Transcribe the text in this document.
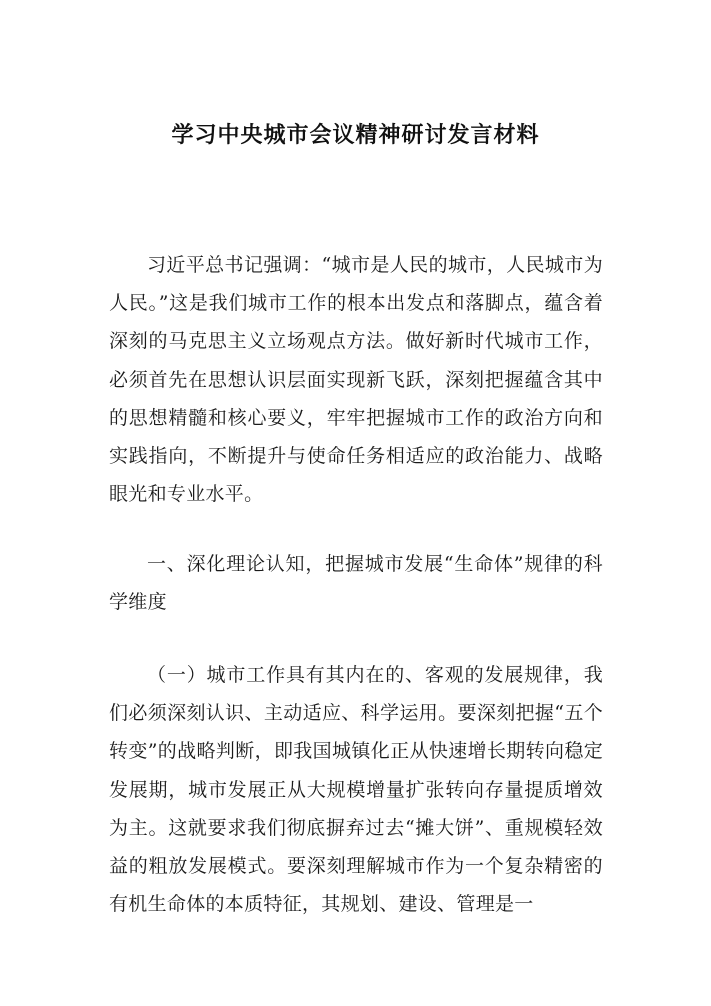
学习中央城市会议精神研讨发言材料

习近平总书记强调：“城市是人民的城市，人民城市为人民。”这是我们城市工作的根本出发点和落脚点，蕴含着深刻的马克思主义立场观点方法。做好新时代城市工作，必须首先在思想认识层面实现新飞跃，深刻把握蕴含其中的思想精髓和核心要义，牢牢把握城市工作的政治方向和实践指向，不断提升与使命任务相适应的政治能力、战略眼光和专业水平。

一、深化理论认知，把握城市发展“生命体”规律的科学维度

（一）城市工作具有其内在的、客观的发展规律，我们必须深刻认识、主动适应、科学运用。要深刻把握“五个转变”的战略判断，即我国城镇化正从快速增长期转向稳定发展期，城市发展正从大规模增量扩张转向存量提质增效为主。这就要求我们彻底摒弃过去“摊大饼”、重规模轻效益的粗放发展模式。要深刻理解城市作为一个复杂精密的有机生命体的本质特征，其规划、建设、管理是一
